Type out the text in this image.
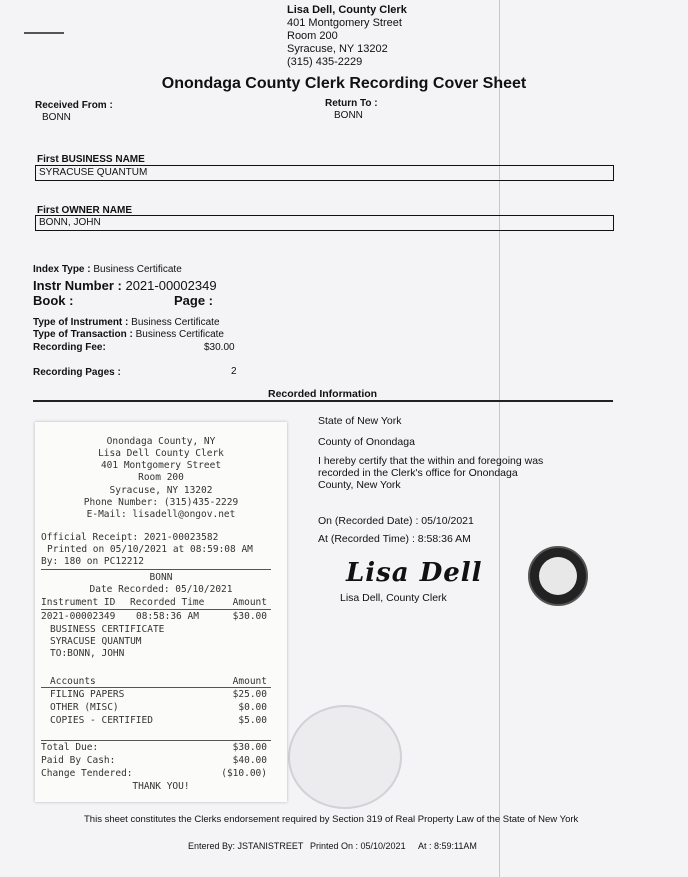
Lisa Dell, County Clerk
401 Montgomery Street
Room 200
Syracuse, NY 13202
(315) 435-2229
Onondaga County Clerk Recording Cover Sheet
Received From :
BONN
Return To :
BONN
First BUSINESS NAME
SYRACUSE QUANTUM
First OWNER NAME
BONN, JOHN
Index Type : Business Certificate
Instr Number : 2021-00002349
Book :	Page :
Type of Instrument : Business Certificate
Type of Transaction : Business Certificate
Recording Fee:	$30.00
Recording Pages :	2
Recorded Information
State of New York
County of Onondaga
I hereby certify that the within and foregoing was recorded in the Clerk's office for Onondaga County, New York
On (Recorded Date) : 05/10/2021
At (Recorded Time) : 8:58:36 AM
Lisa Dell
Lisa Dell, County Clerk
Onondaga County, NY
Lisa Dell County Clerk
401 Montgomery Street
Room 200
Syracuse, NY 13202
Phone Number: (315)435-2229
E-Mail: lisadell@ongov.net
Official Receipt: 2021-00023582
Printed on 05/10/2021 at 08:59:08 AM
By: 180 on PC12212
BONN
Date Recorded: 05/10/2021
Instrument ID Recorded Time	Amount
2021-00002349 08:58:36 AM	$30.00
BUSINESS CERTIFICATE
SYRACUSE QUANTUM
TO:BONN, JOHN
Accounts	Amount
FILING PAPERS	$25.00
OTHER (MISC)	$0.00
COPIES - CERTIFIED	$5.00
Total Due:	$30.00
Paid By Cash:	$40.00
Change Tendered:	($10.00)
THANK YOU!
This sheet constitutes the Clerks endorsement required by Section 319 of Real Property Law of the State of New York
Entered By: JSTANISTREET Printed On : 05/10/2021 At : 8:59:11AM
